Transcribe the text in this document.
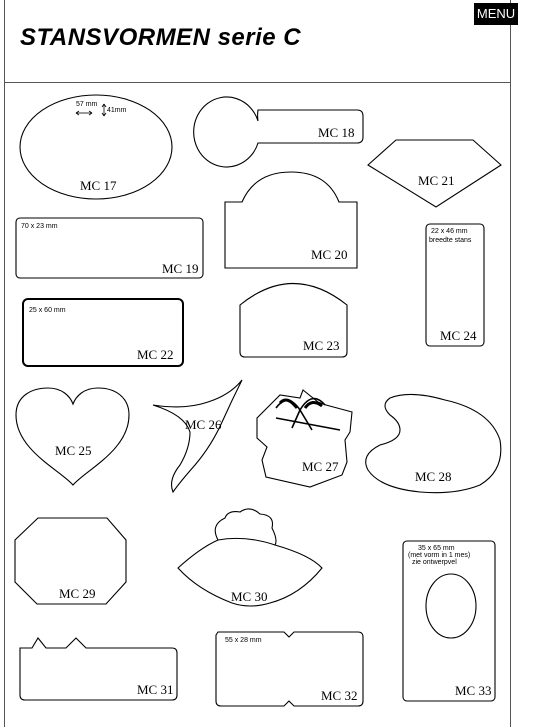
STANSVORMEN serie C
MENU
57 mm
41mm
MC 17
MC 18
MC 21
70 x 23 mm
MC 19
MC 20
22 x 46 mm
breedte stans
MC 24
25 x 60 mm
MC 22
MC 23
MC 25
MC 26
MC 27
MC 28
MC 29	MC 30
35 x 65 mm
(met vorm in 1 mes)
zie ontwerpvel
MC 33
MC 31
55 x 28 mm
MC 32
